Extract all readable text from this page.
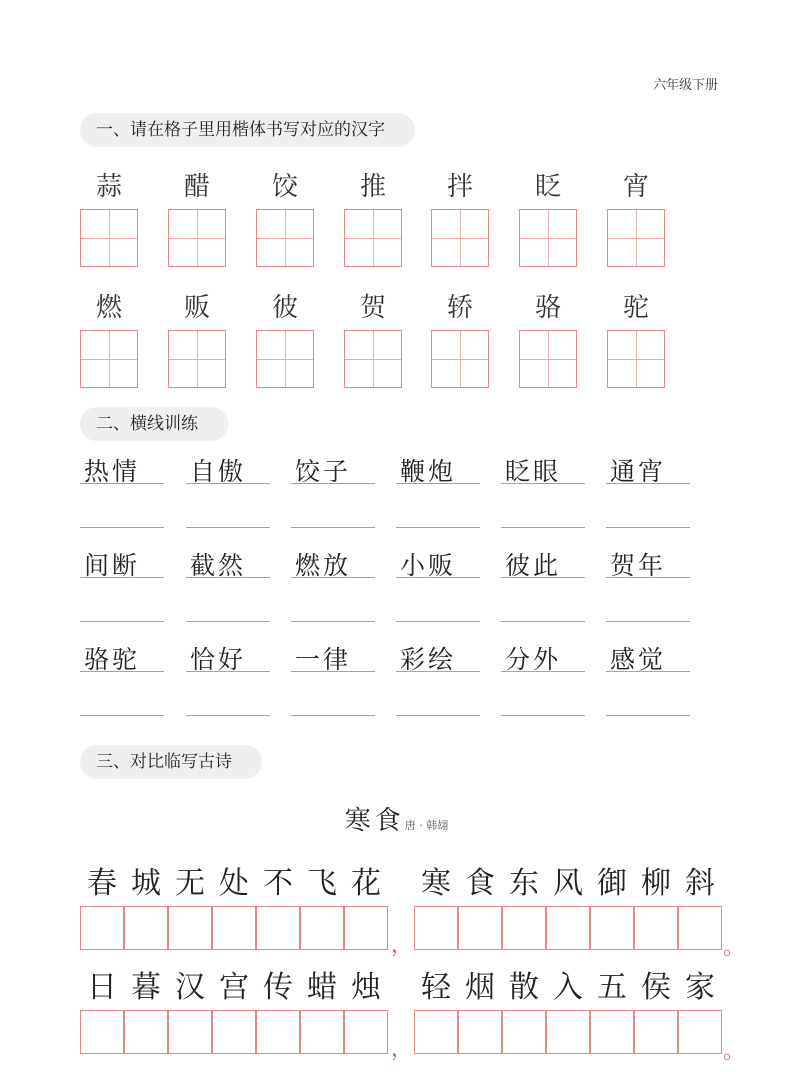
六年级下册
一、请在格子里用楷体书写对应的汉字
蒜	醋	饺	推	拌	眨	宵
燃	贩	彼	贺	轿	骆	驼
二、横线训练
热情	自傲	饺子	鞭炮	眨眼	通宵
间断	截然	燃放	小贩	彼此	贺年
骆驼	恰好	一律	彩绘	分外	感觉
三、对比临写古诗
寒食唐 · 韩翃
春 城 无 处 不 飞 花 寒 食 东 风 御 柳 斜
，	。
日 暮 汉 宫 传 蜡 烛 轻 烟 散 入 五 侯 家
，	。
